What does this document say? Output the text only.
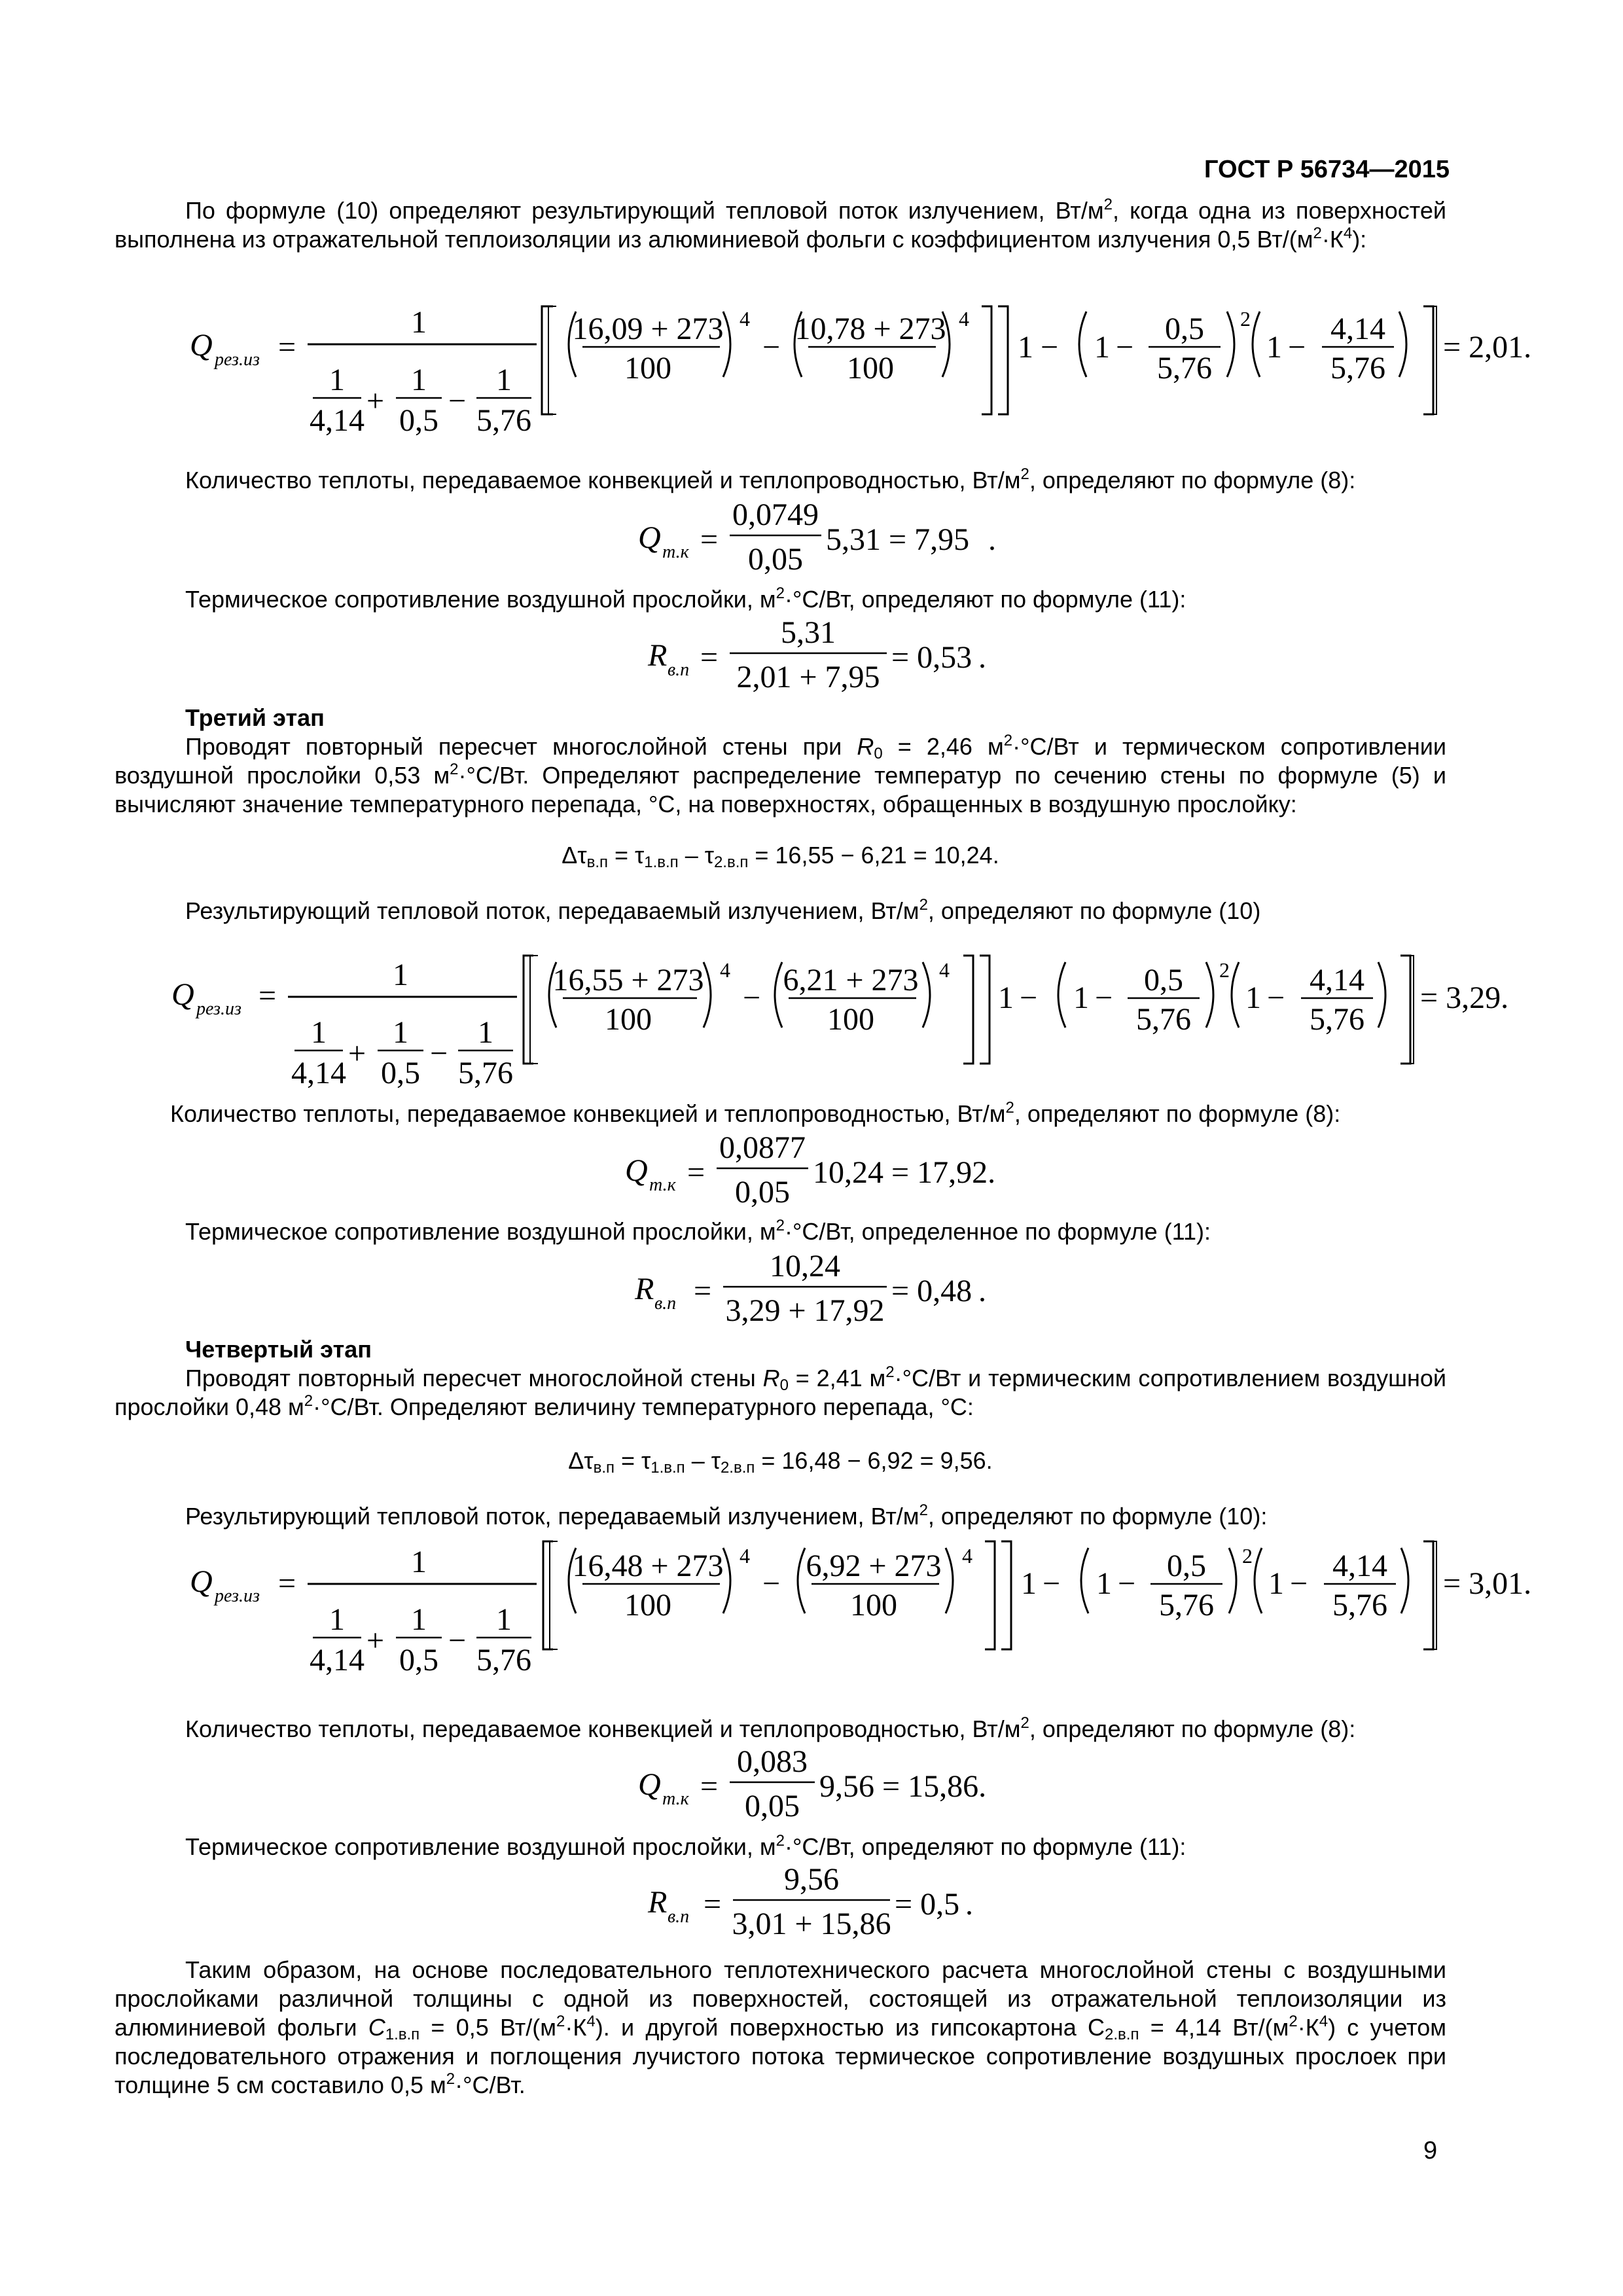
ГОСТ Р 56734—2015

По формуле (10) определяют результирующий тепловой поток излучением, $Вт/м^2$, когда одна из поверхностей выполнена из отражательной теплоизоляции из алюминиевой фольги с коэффициентом излучения 0,5 $Вт/(м^2\cdot К^4)$:

Q рез.из =
1
1
4,14
+
1
0,5
−
1
5,76
16,09 + 273
100
4
−
10,78 + 273
100
4
1 − 1 −
0,5
5,76
2
1 −
4,14
5,76
= 2,01.

Количество теплоты, передаваемое конвекцией и теплопроводностью, $Вт/м^2$, определяют по формуле (8):

Q т.к =
0,0749
0,05
5,31 = 7,95 .

Термическое сопротивление воздушной прослойки, $м^2\cdot^\circ С/Вт$, определяют по формуле (11):

R в.п =
5,31
2,01 + 7,95
= 0,53 .

Третий этап

Проводят повторный пересчет многослойной стены при $R_0 = 2,46$ $м^2\cdot^\circ С/Вт$ и термическом сопротивлении воздушной прослойки 0,53 $м^2\cdot^\circ С/Вт$. Определяют распределение температур по сечению стены по формуле (5) и вычисляют значение температурного перепада, °С, на поверхностях, обращенных в воздушную прослойку:

$\Delta\tau_{в.п} = \tau_{1.в.п} - \tau_{2.в.п} = 16,55 - 6,21 = 10,24$.

Результирующий тепловой поток, передаваемый излучением, $Вт/м^2$, определяют по формуле (10)

Q рез.из =
1
1
4,14
+
1
0,5
−
1
5,76
16,55 + 273
100
4
−
6,21 + 273
100
4
1 − 1 −
0,5
5,76
2
1 −
4,14
5,76
= 3,29.

Количество теплоты, передаваемое конвекцией и теплопроводностью, $Вт/м^2$, определяют по формуле (8):

Q т.к =
0,0877
0,05
10,24 = 17,92.

Термическое сопротивление воздушной прослойки, $м^2\cdot^\circ С/Вт$, определенное по формуле (11):

R в.п =
10,24
3,29 + 17,92
= 0,48 .

Четвертый этап

Проводят повторный пересчет многослойной стены $R_0 = 2,41$ $м^2\cdot^\circ С/Вт$ и термическим сопротивлением воздушной прослойки 0,48 $м^2\cdot^\circ С/Вт$. Определяют величину температурного перепада, °С:

$\Delta\tau_{в.п} = \tau_{1.в.п} - \tau_{2.в.п} = 16,48 - 6,92 = 9,56$.

Результирующий тепловой поток, передаваемый излучением, $Вт/м^2$, определяют по формуле (10):

Q рез.из =
1
1
4,14
+
1
0,5
−
1
5,76
16,48 + 273
100
4
−
6,92 + 273
100
4
1 − 1 −
0,5
5,76
2
1 −
4,14
5,76
= 3,01.

Количество теплоты, передаваемое конвекцией и теплопроводностью, $Вт/м^2$, определяют по формуле (8):

Q т.к =
0,083
0,05
9,56 = 15,86.

Термическое сопротивление воздушной прослойки, $м^2\cdot^\circ С/Вт$, определяют по формуле (11):

R в.п =
9,56
3,01 + 15,86
= 0,5 .

Таким образом, на основе последовательного теплотехнического расчета многослойной стены с воздушными прослойками различной толщины с одной из поверхностей, состоящей из отражательной теплоизоляции из алюминиевой фольги $С_{1.в.п} = 0,5$ $Вт/(м^2\cdot К^4)$. и другой поверхностью из гипсокартона $С_{2.в.п} = 4,14$ $Вт/(м^2\cdot К^4)$ с учетом последовательного отражения и поглощения лучистого потока термическое сопротивление воздушных прослоек при толщине 5 см составило 0,5 $м^2\cdot^\circ С/Вт$.

9
